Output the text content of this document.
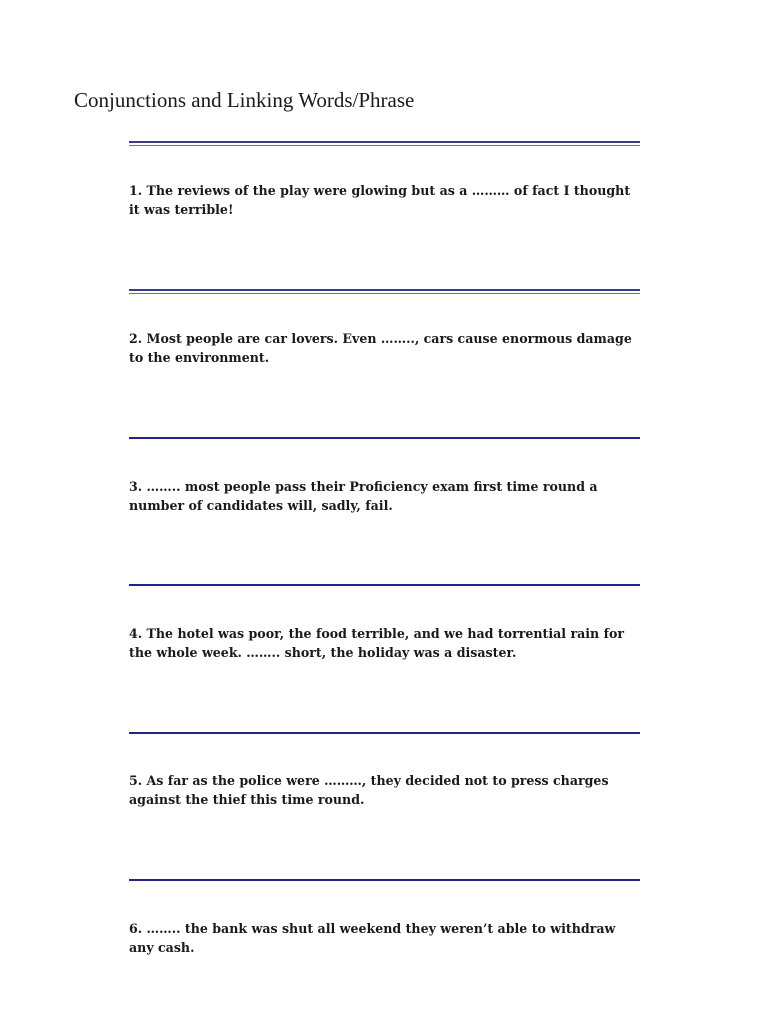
Conjunctions and Linking Words/Phrase

1. The reviews of the play were glowing but as a ……… of fact I thought it was terrible!

2. Most people are car lovers. Even …….., cars cause enormous damage to the environment.

3. …….. most people pass their Proficiency exam first time round a number of candidates will, sadly, fail.

4. The hotel was poor, the food terrible, and we had torrential rain for the whole week. …….. short, the holiday was a disaster.

5. As far as the police were ………, they decided not to press charges against the thief this time round.

6. …….. the bank was shut all weekend they weren’t able to withdraw any cash.
